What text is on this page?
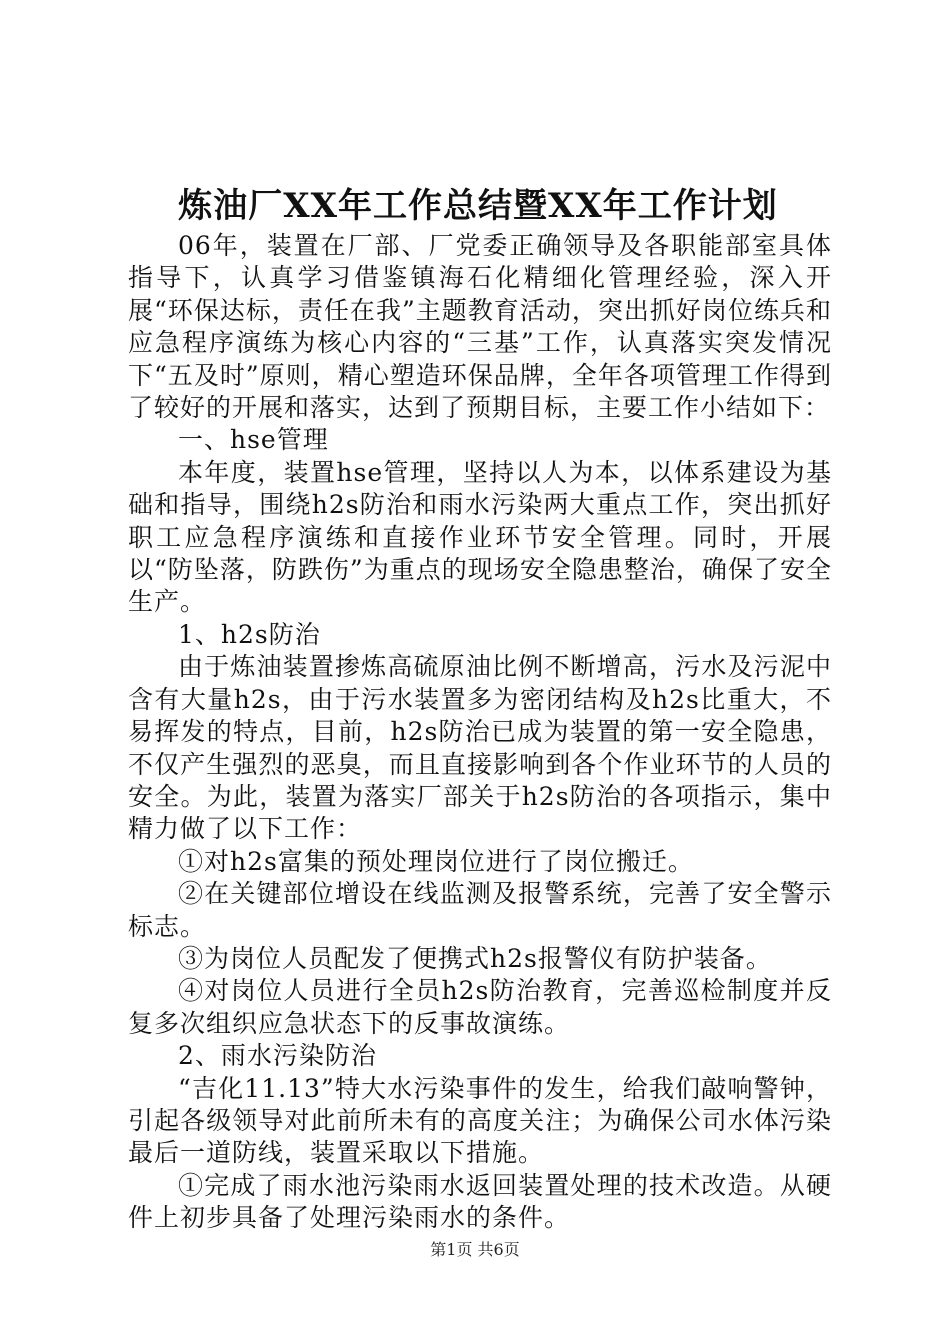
炼油厂XX年工作总结暨XX年工作计划

06年，装置在厂部、厂党委正确领导及各职能部室具体指导下，认真学习借鉴镇海石化精细化管理经验，深入开展“环保达标，责任在我”主题教育活动，突出抓好岗位练兵和应急程序演练为核心内容的“三基”工作，认真落实突发情况下“五及时”原则，精心塑造环保品牌，全年各项管理工作得到了较好的开展和落实，达到了预期目标，主要工作小结如下：

一、hse管理

本年度，装置hse管理，坚持以人为本，以体系建设为基础和指导，围绕h2s防治和雨水污染两大重点工作，突出抓好职工应急程序演练和直接作业环节安全管理。同时，开展以“防坠落，防跌伤”为重点的现场安全隐患整治，确保了安全生产。

1、h2s防治

由于炼油装置掺炼高硫原油比例不断增高，污水及污泥中含有大量h2s，由于污水装置多为密闭结构及h2s比重大，不易挥发的特点，目前，h2s防治已成为装置的第一安全隐患，不仅产生强烈的恶臭，而且直接影响到各个作业环节的人员的安全。为此，装置为落实厂部关于h2s防治的各项指示，集中精力做了以下工作：

①对h2s富集的预处理岗位进行了岗位搬迁。

②在关键部位增设在线监测及报警系统，完善了安全警示标志。

③为岗位人员配发了便携式h2s报警仪有防护装备。

④对岗位人员进行全员h2s防治教育，完善巡检制度并反复多次组织应急状态下的反事故演练。

2、雨水污染防治

“吉化11.13”特大水污染事件的发生，给我们敲响警钟，引起各级领导对此前所未有的高度关注；为确保公司水体污染最后一道防线，装置采取以下措施。

①完成了雨水池污染雨水返回装置处理的技术改造。从硬件上初步具备了处理污染雨水的条件。

第1页 共6页
